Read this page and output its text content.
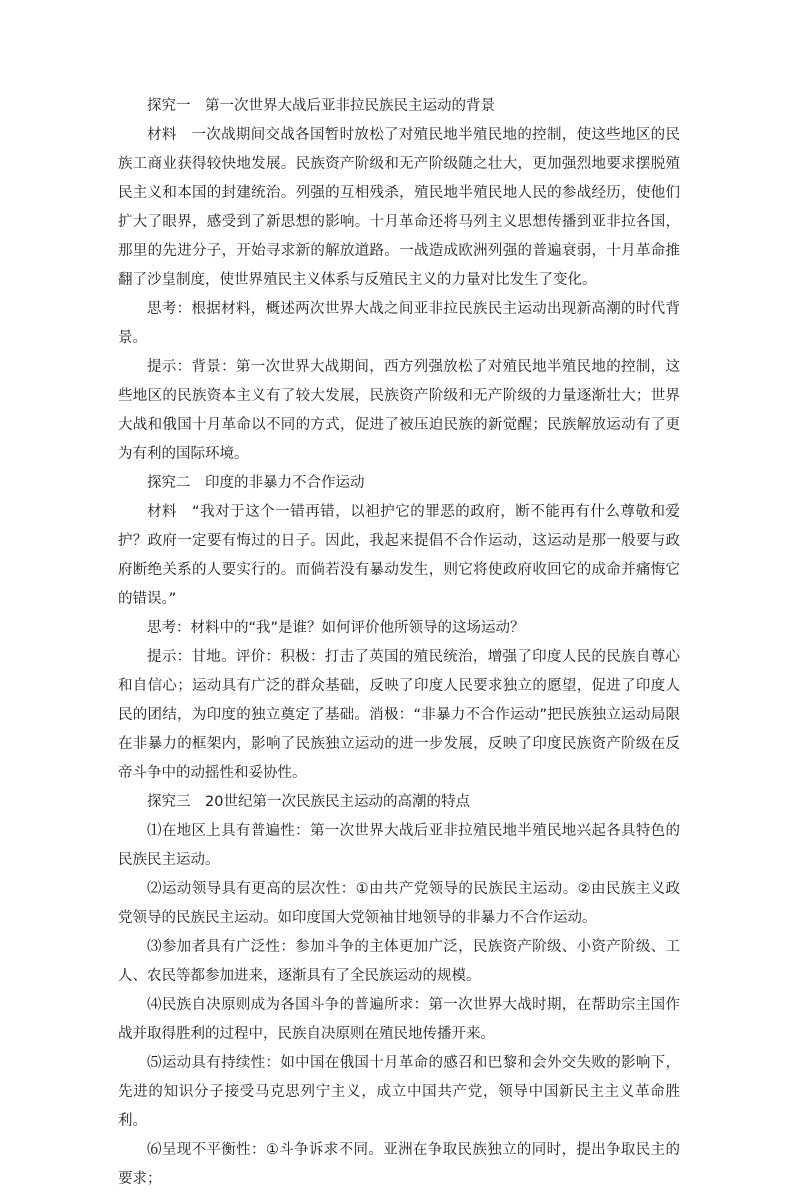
探究一　第一次世界大战后亚非拉民族民主运动的背景

材料　一次战期间交战各国暂时放松了对殖民地半殖民地的控制，使这些地区的民族工商业获得较快地发展。民族资产阶级和无产阶级随之壮大，更加强烈地要求摆脱殖民主义和本国的封建统治。列强的互相残杀，殖民地半殖民地人民的参战经历，使他们扩大了眼界，感受到了新思想的影响。十月革命还将马列主义思想传播到亚非拉各国，那里的先进分子，开始寻求新的解放道路。一战造成欧洲列强的普遍衰弱，十月革命推翻了沙皇制度，使世界殖民主义体系与反殖民主义的力量对比发生了变化。

思考：根据材料，概述两次世界大战之间亚非拉民族民主运动出现新高潮的时代背景。

提示：背景：第一次世界大战期间，西方列强放松了对殖民地半殖民地的控制，这些地区的民族资本主义有了较大发展，民族资产阶级和无产阶级的力量逐渐壮大；世界大战和俄国十月革命以不同的方式，促进了被压迫民族的新觉醒；民族解放运动有了更为有利的国际环境。

探究二　印度的非暴力不合作运动

材料　“我对于这个一错再错，以袒护它的罪恶的政府，断不能再有什么尊敬和爱护？政府一定要有悔过的日子。因此，我起来提倡不合作运动，这运动是那一般要与政府断绝关系的人要实行的。而倘若没有暴动发生，则它将使政府收回它的成命并痛悔它的错误。”

思考：材料中的“我”是谁？如何评价他所领导的这场运动？

提示：甘地。评价：积极：打击了英国的殖民统治，增强了印度人民的民族自尊心和自信心；运动具有广泛的群众基础，反映了印度人民要求独立的愿望，促进了印度人民的团结，为印度的独立奠定了基础。消极：“非暴力不合作运动”把民族独立运动局限在非暴力的框架内，影响了民族独立运动的进一步发展，反映了印度民族资产阶级在反帝斗争中的动摇性和妥协性。

探究三　20世纪第一次民族民主运动的高潮的特点

⑴在地区上具有普遍性：第一次世界大战后亚非拉殖民地半殖民地兴起各具特色的民族民主运动。

⑵运动领导具有更高的层次性：①由共产党领导的民族民主运动。②由民族主义政党领导的民族民主运动。如印度国大党领袖甘地领导的非暴力不合作运动。

⑶参加者具有广泛性：参加斗争的主体更加广泛，民族资产阶级、小资产阶级、工人、农民等都参加进来，逐渐具有了全民族运动的规模。

⑷民族自决原则成为各国斗争的普遍所求：第一次世界大战时期，在帮助宗主国作战并取得胜利的过程中，民族自决原则在殖民地传播开来。

⑸运动具有持续性：如中国在俄国十月革命的感召和巴黎和会外交失败的影响下，先进的知识分子接受马克思列宁主义，成立中国共产党，领导中国新民主主义革命胜利。

⑹呈现不平衡性：①斗争诉求不同。亚洲在争取民族独立的同时，提出争取民主的要求；
